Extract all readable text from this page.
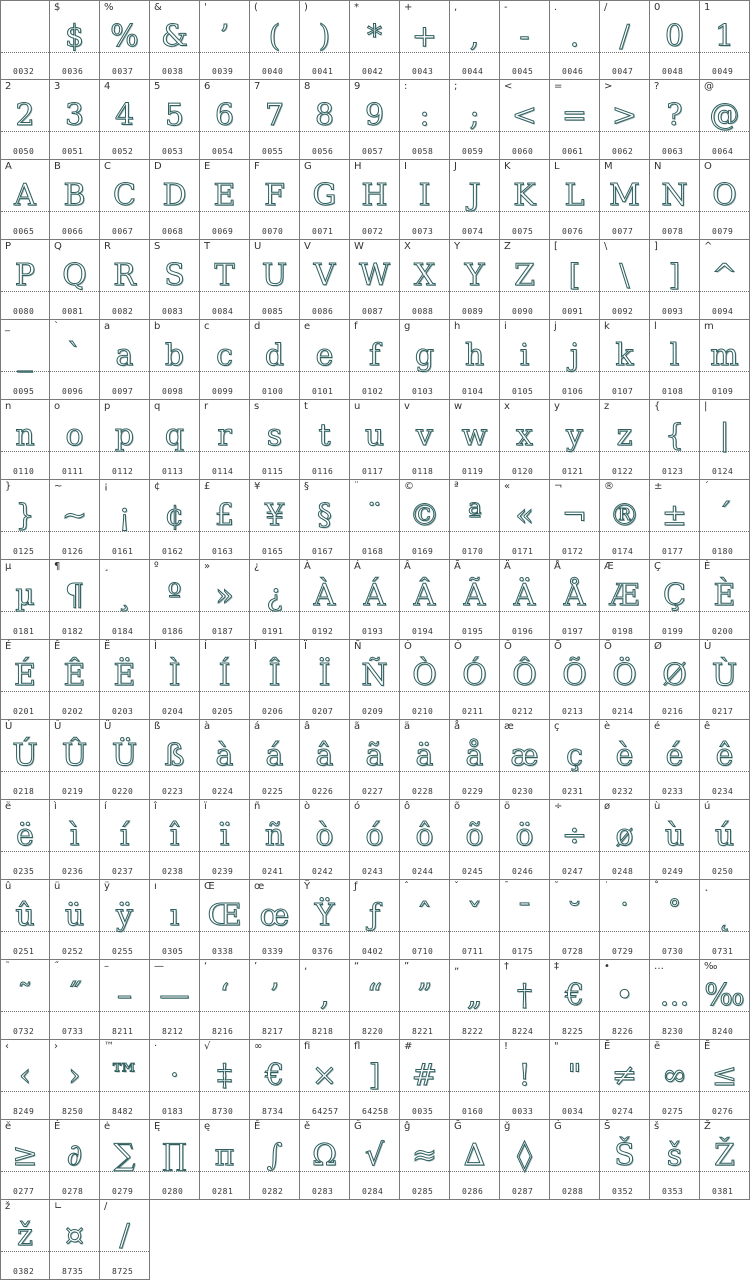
0032
$
$
0036
%
%
0037
&
&
0038
'
’
0039
(
(
0040
)
)
0041
*
*
0042
+
+
0043
,
,
0044
-
-
0045
.
.
0046
/
/
0047
0
0
0048
1
1
0049
2
2
0050
3
3
0051
4
4
0052
5
5
0053
6
6
0054
7
7
0055
8
8
0056
9
9
0057
:
:
0058
;
;
0059
<
<
0060
=
=
0061
>
>
0062
?
?
0063
@
@
0064
A
A
0065
B
B
0066
C
C
0067
D
D
0068
E
E
0069
F
F
0070
G
G
0071
H
H
0072
I
I
0073
J
J
0074
K
K
0075
L
L
0076
M
M
0077
N
N
0078
O
O
0079
P
P
0080
Q
Q
0081
R
R
0082
S
S
0083
T
T
0084
U
U
0085
V
V
0086
W
W
0087
X
X
0088
Y
Y
0089
Z
Z
0090
[
[
0091
\
\
0092
]
]
0093
^
^
0094
_
_
0095
`
`
0096
a
a
0097
b
b
0098
c
c
0099
d
d
0100
e
e
0101
f
f
0102
g
g
0103
h
h
0104
i
i
0105
j
j
0106
k
k
0107
l
l
0108
m
m
0109
n
n
0110
o
o
0111
p
p
0112
q
q
0113
r
r
0114
s
s
0115
t
t
0116
u
u
0117
v
v
0118
w
w
0119
x
x
0120
y
y
0121
z
z
0122
{
{
0123
|
|
0124
}
}
0125
~
~
0126
¡
¡
0161
¢
¢
0162
£
£
0163
¥
¥
0165
§
§
0167
¨
¨
0168
©
©
0169
ª
ª
0170
«
«
0171
¬
¬
0172
®
®
0174
±
±
0177
´
´
0180
µ
µ
0181
¶
¶
0182
¸
¸
0184
º
º
0186
»
»
0187
¿
¿
0191
À
À
0192
Á
Á
0193
Â
Â
0194
Ã
Ã
0195
Ä
Ä
0196
Å
Å
0197
Æ
Æ
0198
Ç
Ç
0199
È
È
0200
É
É
0201
Ê
Ê
0202
Ë
Ë
0203
Ì
Ì
0204
Í
Í
0205
Î
Î
0206
Ï
Ï
0207
Ñ
Ñ
0209
Ò
Ò
0210
Ó
Ó
0211
Ô
Ô
0212
Õ
Õ
0213
Ö
Ö
0214
Ø
Ø
0216
Ù
Ù
0217
Ú
Ú
0218
Û
Û
0219
Ü
Ü
0220
ß
ß
0223
à
à
0224
á
á
0225
â
â
0226
ã
ã
0227
ä
ä
0228
å
å
0229
æ
æ
0230
ç
ç
0231
è
è
0232
é
é
0233
ê
ê
0234
ë
ë
0235
ì
ì
0236
í
í
0237
î
î
0238
ï
ï
0239
ñ
ñ
0241
ò
ò
0242
ó
ó
0243
ô
ô
0244
õ
õ
0245
ö
ö
0246
÷
÷
0247
ø
ø
0248
ù
ù
0249
ú
ú
0250
û
û
0251
ü
ü
0252
ÿ
ÿ
0255
ı
ı
0305
Œ
Œ
0338
œ
œ
0339
Ÿ
Ÿ
0376
ƒ
ƒ
0402
ˆ
ˆ
0710
ˇ
ˇ
0711
¯
¯
0175
˘
˘
0728
˙
˙
0729
˚
˚
0730
˛
˛
0731
˜
˜
0732
˝
˝
0733
–
–
8211
—
—
8212
‘
‘
8216
’
’
8217
‚
‚
8218
“
“
8220
”
”
8221
„
„
8222
†
†
8224
‡
€
8225
•
•
8226
…
…
8230
‰
‰
8240
‹
‹
8249
›
›
8250
™
™
8482
·
·
0183
√
‡
8730
∞
€
8734
ﬁ
×
64257
ﬂ
]
64258
#
#
0035	0160
!
!
0033
"
"
0034
Ē
≠
0274
ē
∞
0275
Ĕ
≤
0276
ĕ
≥
0277
Ė
∂
0278
ė
∑
0279
Ę
∏
0280
ę
π
0281
Ě
∫
0282
ě
Ω
0283
Ĝ
√
0284
ĝ
≈
0285
Ğ
∆
0286
ğ
◊
0287
Ġ
0288
Š
Š
0352
š
š
0353
Ž
Ž
0381
ž
ž
0382
∟
¤
8735
/
/
8725
